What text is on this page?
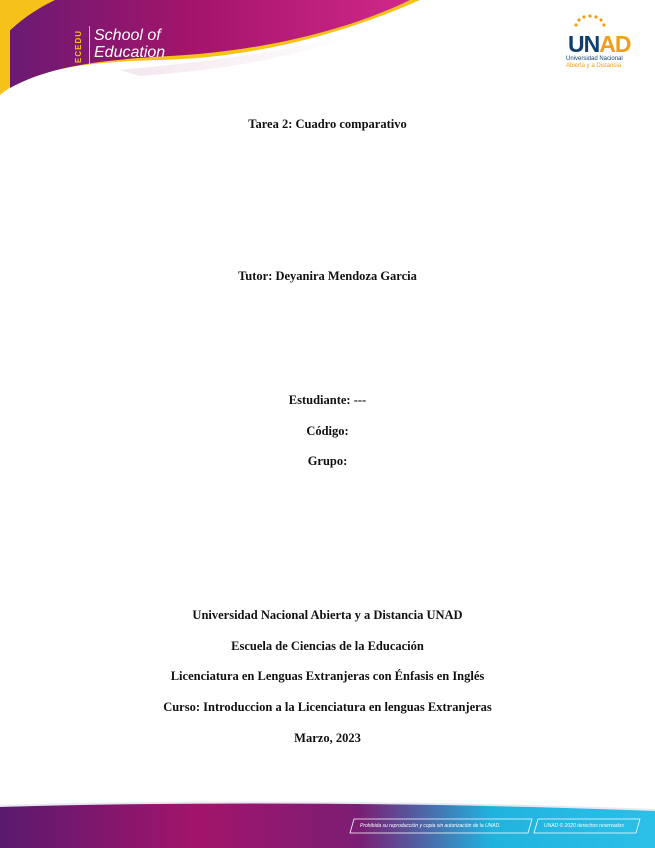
ECEDU School of
Education	UNAD
Universidad Nacional
Abierta y a Distancia
Tarea 2: Cuadro comparativo
Tutor: Deyanira Mendoza Garcia
Estudiante: ---
Código:
Grupo:
Universidad Nacional Abierta y a Distancia UNAD
Escuela de Ciencias de la Educación
Licenciatura en Lenguas Extranjeras con Énfasis en Inglés
Curso: Introduccion a la Licenciatura en lenguas Extranjeras
Marzo, 2023
Prohibida su reproducción y copia sin autorización de la UNAD.	UNAD © 2020 derechos reservados
